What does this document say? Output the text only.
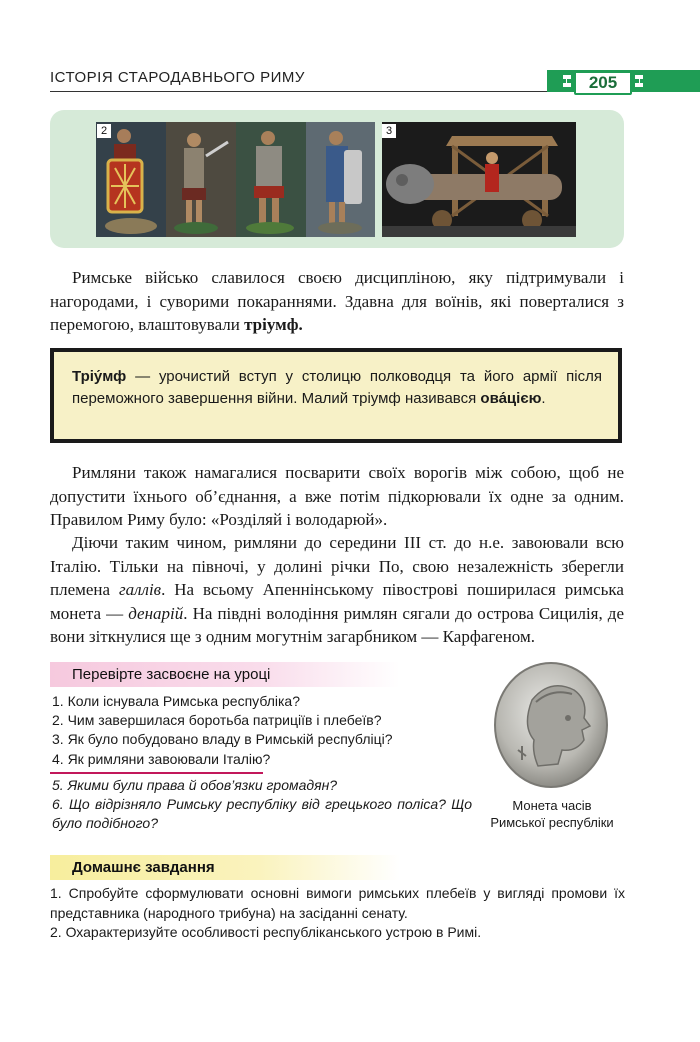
ІСТОРІЯ СТАРОДАВНЬОГО РИМУ	205
2	3

Римське військо славилося своєю дисципліною, яку підтримували і нагородами, і суворими покараннями. Здавна для воїнів, які поверталися з перемогою, влаштовували тріумф.

Тріу́мф — урочистий вступ у столицю полководця та його армії після переможного завершення війни. Малий тріумф називався ова́цією.

Римляни також намагалися посварити своїх ворогів між собою, щоб не допустити їхнього об’єднання, а вже потім підкорювали їх одне за одним. Правилом Риму було: «Розділяй і володарюй».

Діючи таким чином, римляни до середини ІІІ ст. до н.е. завоювали всю Італію. Тільки на півночі, у долині річки По, свою незалежність зберегли племена галлів. На всьому Апеннінському півострові поширилася римська монета — денарій. На півдні володіння римлян сягали до острова Сицилія, де вони зіткнулися ще з одним могутнім загарбником — Карфагеном.

Перевірте засвоєне на уроці
1. Коли існувала Римська республіка?
2. Чим завершилася боротьба патриціїв і плебеїв?
3. Як було побудовано владу в Римській республіці?
4. Як римляни завоювали Італію?
5. Якими були права й обов’язки громадян?
6. Що відрізняло Римську республіку від грецького поліса? Що було подібного?

Монета часів
Римської республіки

Домашнє завдання
1. Спробуйте сформулювати основні вимоги римських плебеїв у вигляді промови їх представника (народного трибуна) на засіданні сенату.
2. Охарактеризуйте особливості республіканського устрою в Римі.
